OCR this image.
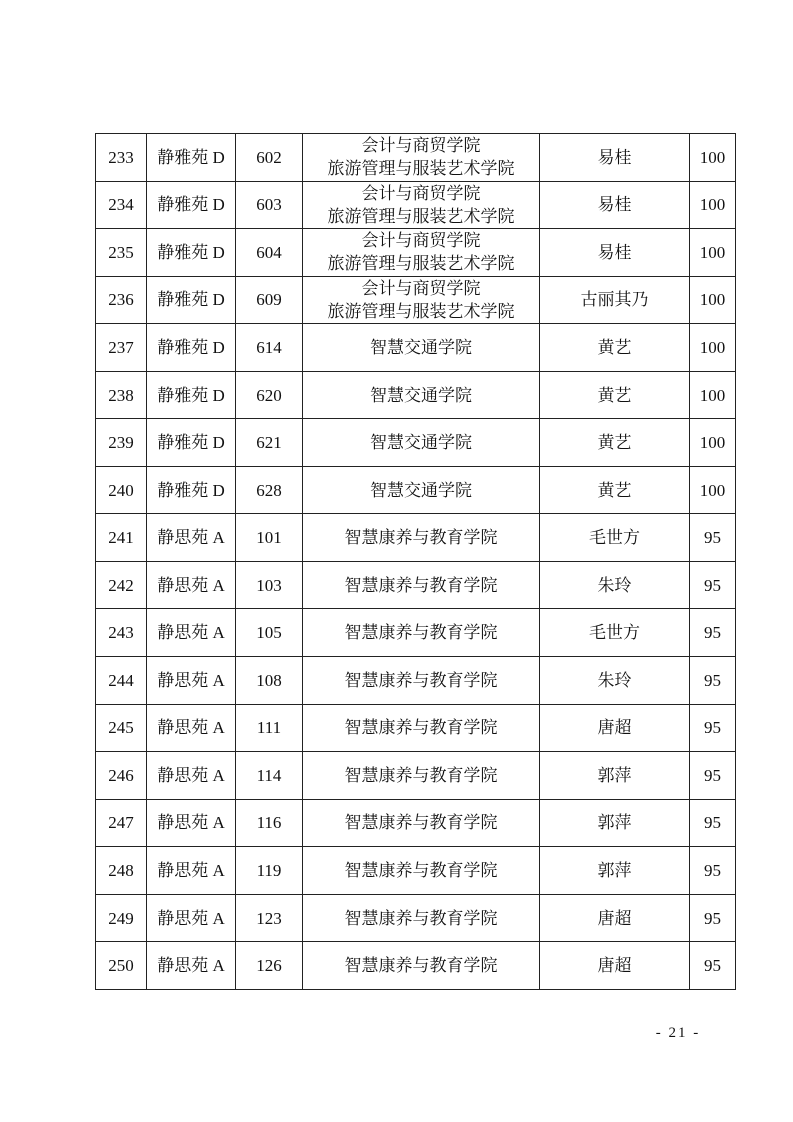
233	静雅苑 D	602	会计与商贸学院
旅游管理与服装艺术学院	易桂	100
234	静雅苑 D	603	会计与商贸学院
旅游管理与服装艺术学院	易桂	100
235	静雅苑 D	604	会计与商贸学院
旅游管理与服装艺术学院	易桂	100
236	静雅苑 D	609	会计与商贸学院
旅游管理与服装艺术学院	古丽其乃	100
237	静雅苑 D	614	智慧交通学院	黄艺	100
238	静雅苑 D	620	智慧交通学院	黄艺	100
239	静雅苑 D	621	智慧交通学院	黄艺	100
240	静雅苑 D	628	智慧交通学院	黄艺	100
241	静思苑 A	101	智慧康养与教育学院	毛世方	95
242	静思苑 A	103	智慧康养与教育学院	朱玲	95
243	静思苑 A	105	智慧康养与教育学院	毛世方	95
244	静思苑 A	108	智慧康养与教育学院	朱玲	95
245	静思苑 A	111	智慧康养与教育学院	唐超	95
246	静思苑 A	114	智慧康养与教育学院	郭萍	95
247	静思苑 A	116	智慧康养与教育学院	郭萍	95
248	静思苑 A	119	智慧康养与教育学院	郭萍	95
249	静思苑 A	123	智慧康养与教育学院	唐超	95
250	静思苑 A	126	智慧康养与教育学院	唐超	95
- 21 -
